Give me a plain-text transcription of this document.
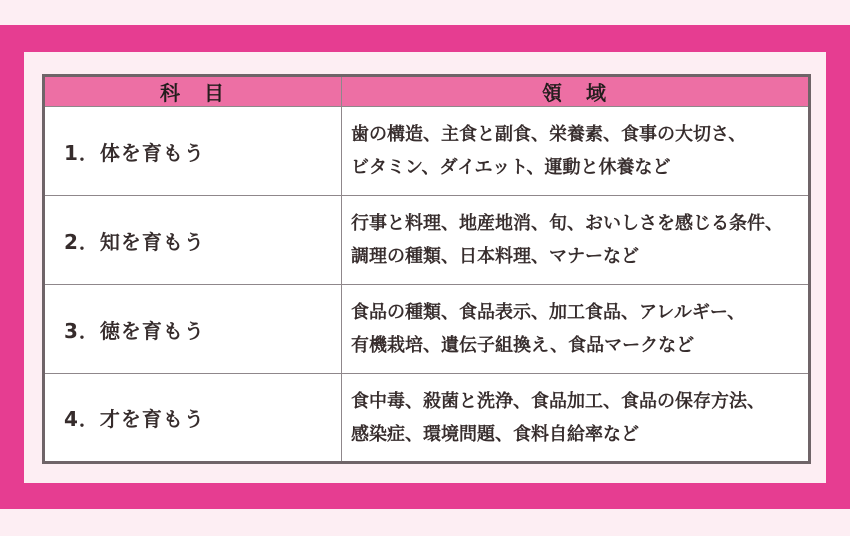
科　目	領　域
1．体を育もう	歯の構造、主食と副食、栄養素、食事の大切さ、
ビタミン、ダイエット、運動と休養など

2．知を育もう	行事と料理、地産地消、旬、おいしさを感じる条件、
調理の種類、日本料理、マナーなど

3．徳を育もう	食品の種類、食品表示、加工食品、アレルギー、
有機栽培、遺伝子組換え、食品マークなど

4．才を育もう	食中毒、殺菌と洗浄、食品加工、食品の保存方法、
感染症、環境問題、食料自給率など
